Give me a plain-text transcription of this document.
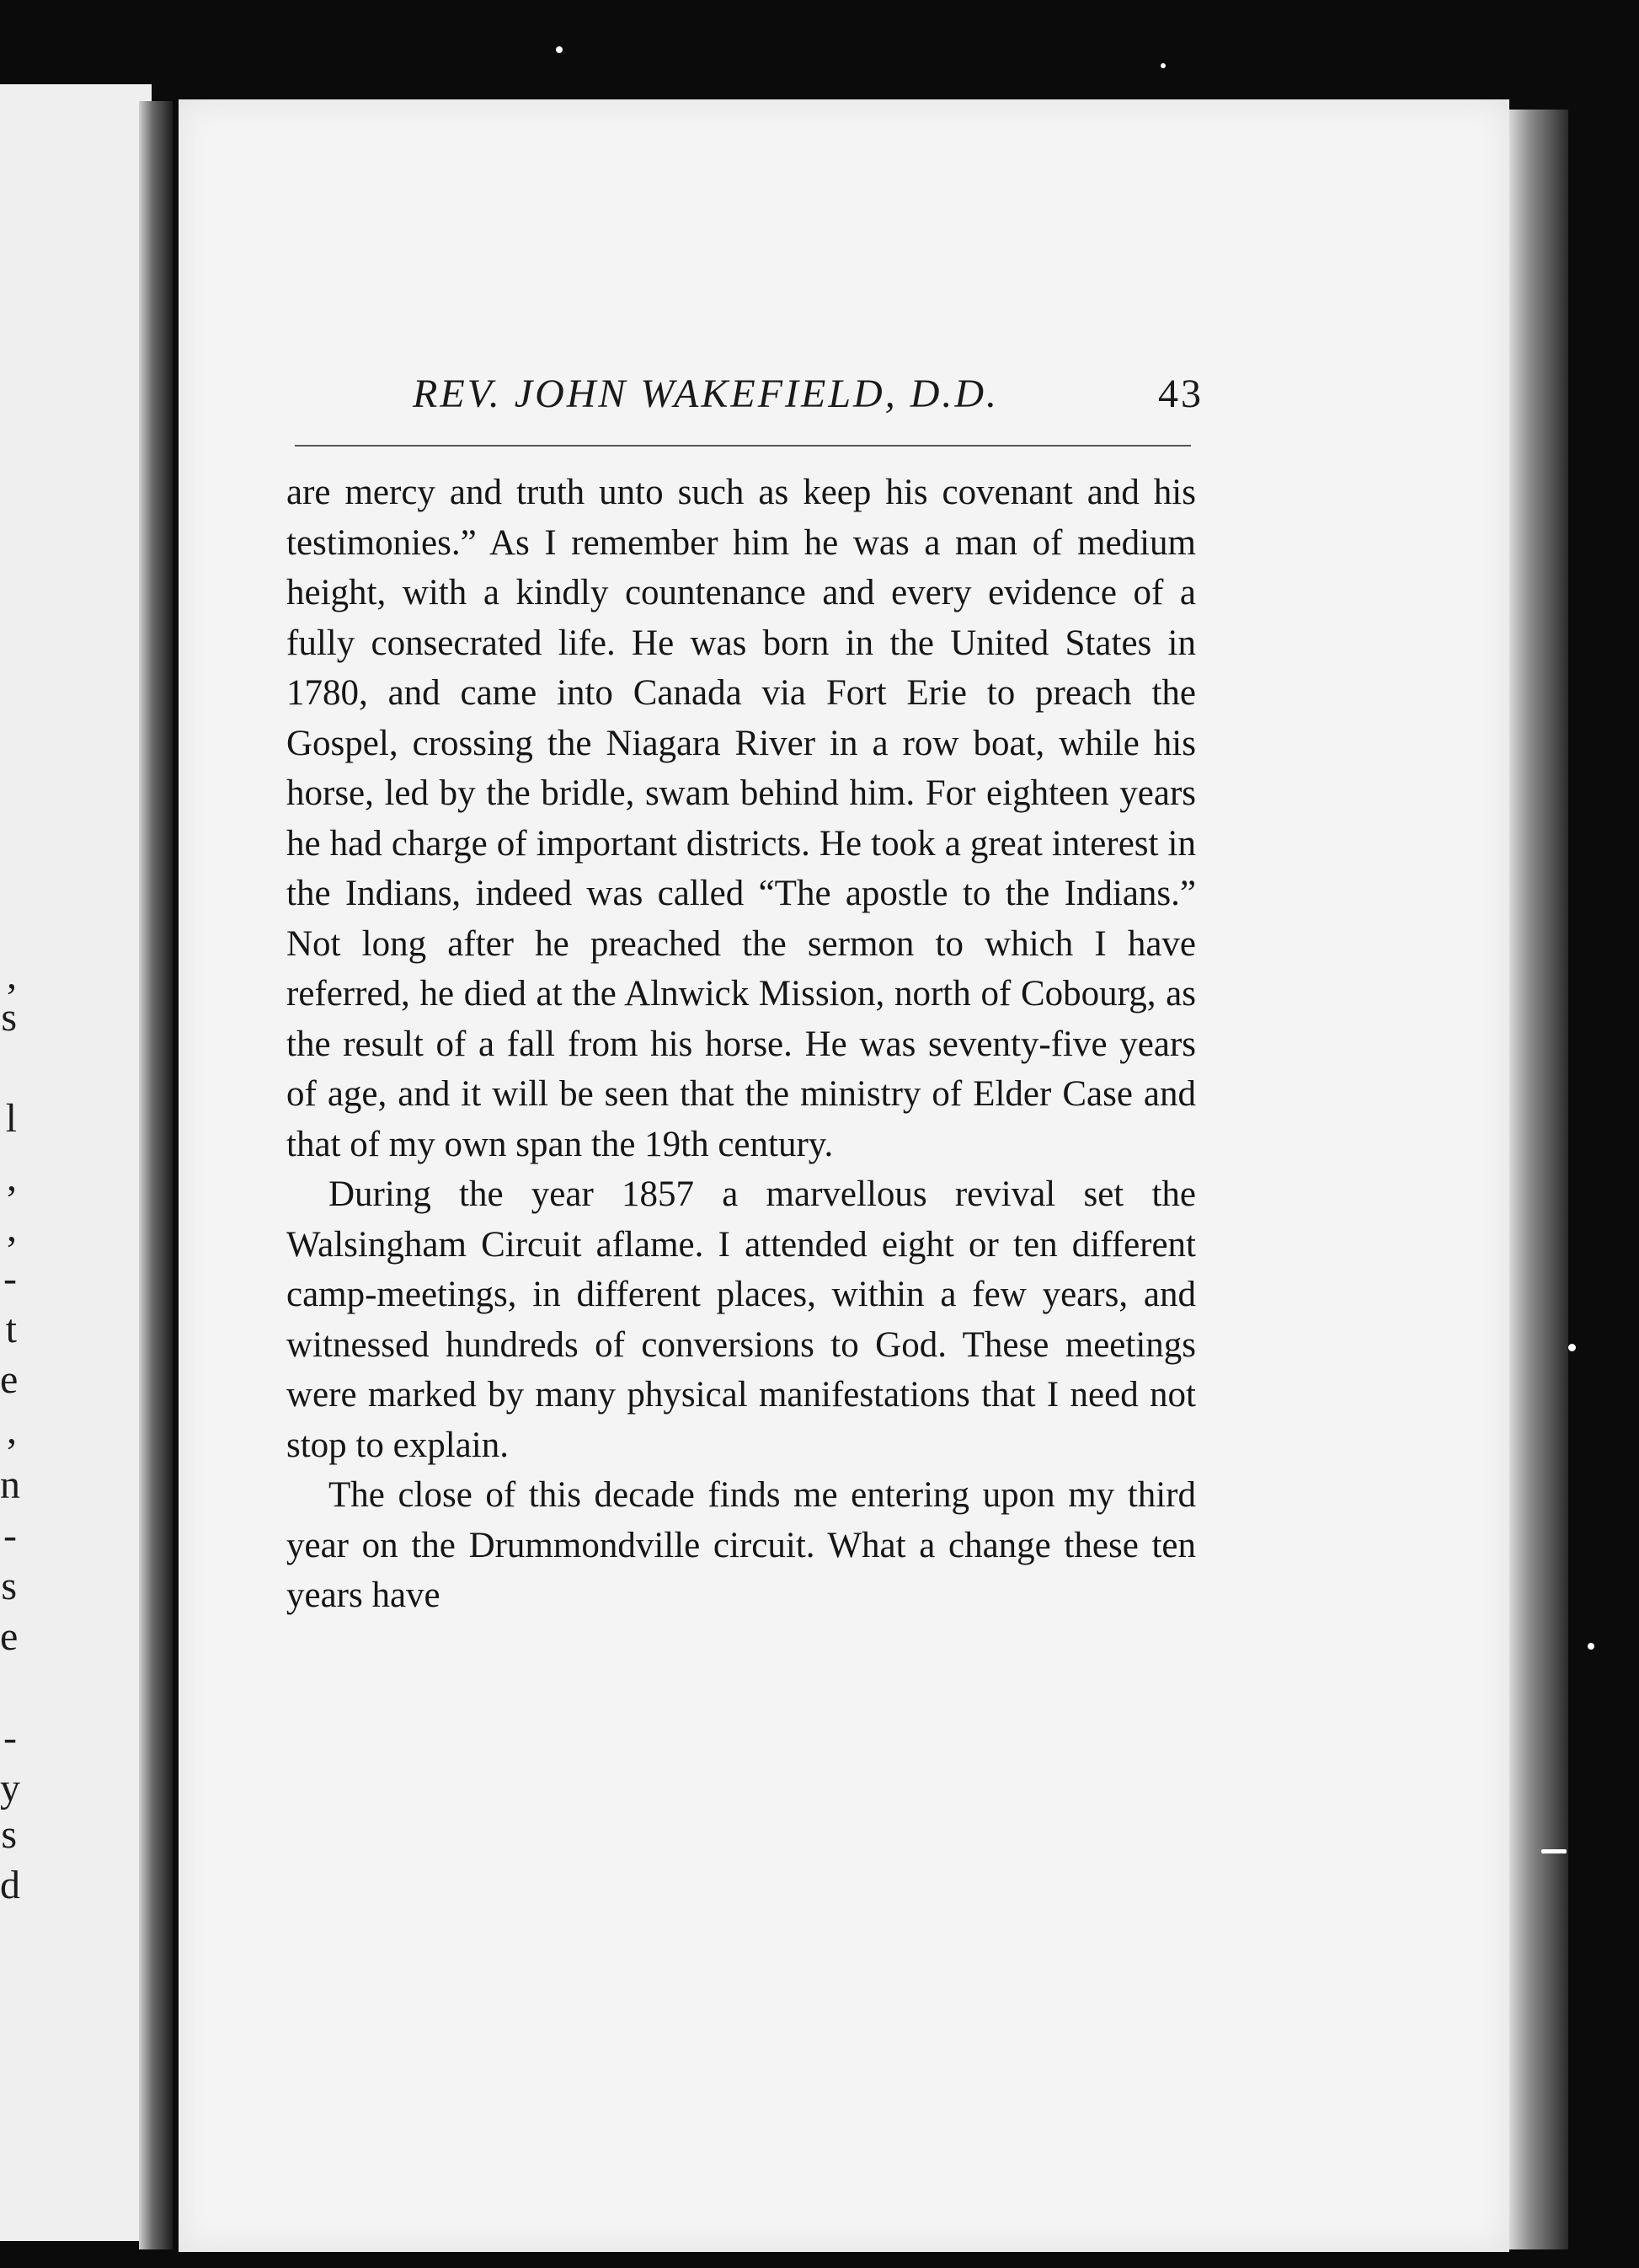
,
s
l
,
,
-
t
e
,
n
-
s
e
-
y
s
d
REV. JOHN WAKEFIELD, D.D.	43

are mercy and truth unto such as keep his covenant and his testimonies.” As I remember him he was a man of medium height, with a kindly countenance and every evidence of a fully consecrated life. He was born in the United States in 1780, and came into Canada via Fort Erie to preach the Gospel, crossing the Niagara River in a row boat, while his horse, led by the bridle, swam behind him. For eighteen years he had charge of important districts. He took a great interest in the Indians, indeed was called “The apostle to the Indians.” Not long after he preached the sermon to which I have referred, he died at the Alnwick Mission, north of Cobourg, as the result of a fall from his horse. He was seventy-five years of age, and it will be seen that the ministry of Elder Case and that of my own span the 19th century.

During the year 1857 a marvellous revival set the Walsingham Circuit aflame. I attended eight or ten different camp-meetings, in different places, within a few years, and witnessed hundreds of conversions to God. These meetings were marked by many physical manifestations that I need not stop to explain.

The close of this decade finds me entering upon my third year on the Drummondville circuit. What a change these ten years have
